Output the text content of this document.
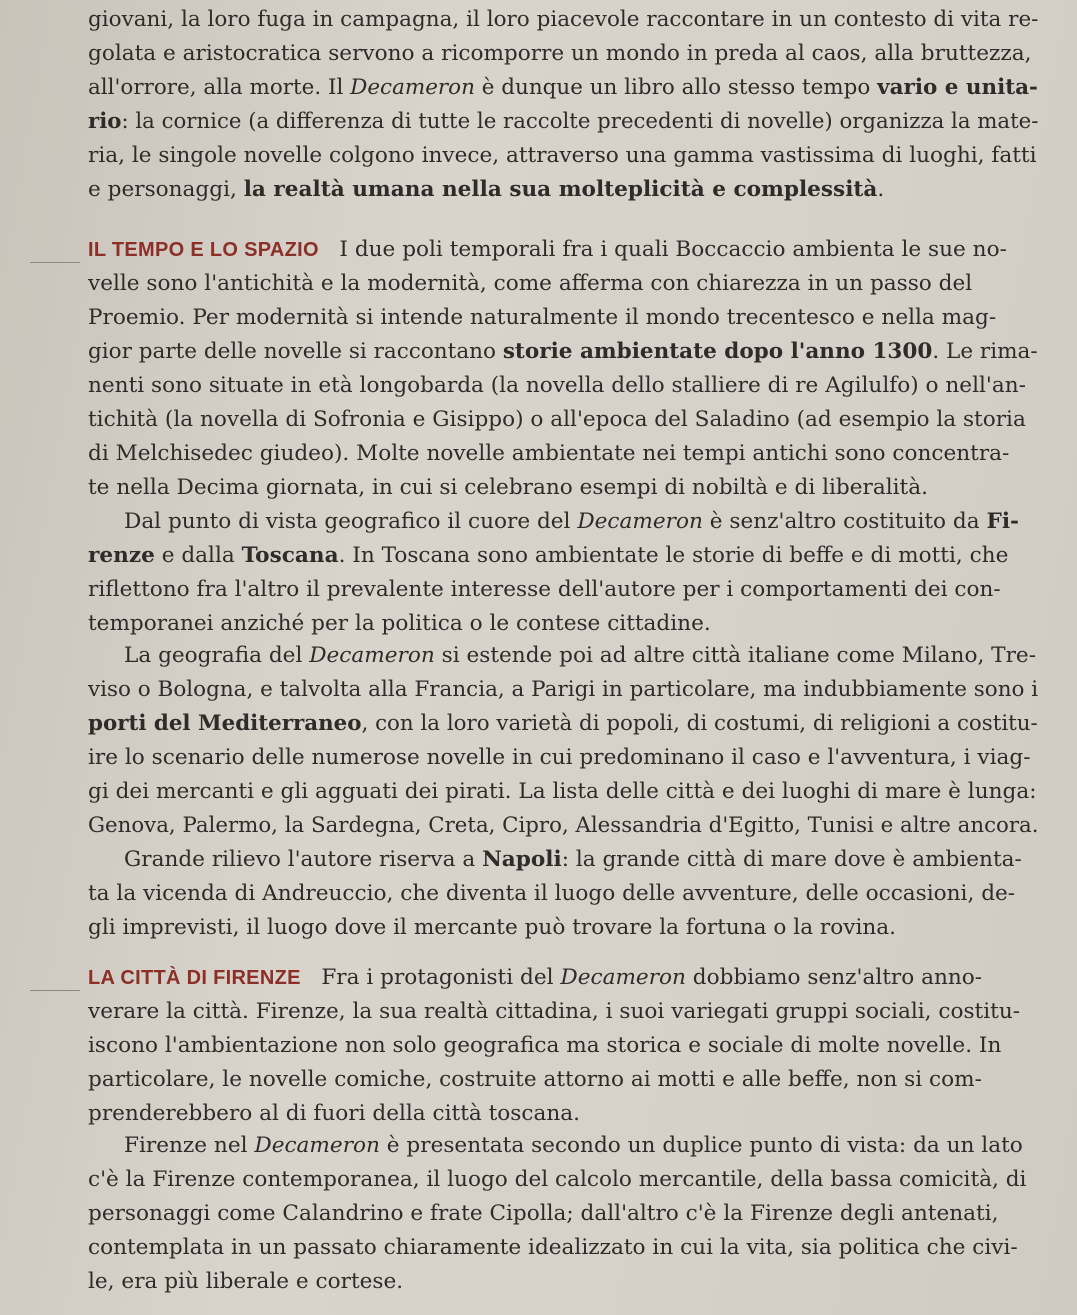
giovani, la loro fuga in campagna, il loro piacevole raccontare in un contesto di vita re-
golata e aristocratica servono a ricomporre un mondo in preda al caos, alla bruttezza,
all'orrore, alla morte. Il Decameron è dunque un libro allo stesso tempo vario e unita-
rio: la cornice (a differenza di tutte le raccolte precedenti di novelle) organizza la mate-
ria, le singole novelle colgono invece, attraverso una gamma vastissima di luoghi, fatti
e personaggi, la realtà umana nella sua molteplicità e complessità.
IL TEMPO E LO SPAZIO   I due poli temporali fra i quali Boccaccio ambienta le sue no-
velle sono l'antichità e la modernità, come afferma con chiarezza in un passo del
Proemio. Per modernità si intende naturalmente il mondo trecentesco e nella mag-
gior parte delle novelle si raccontano storie ambientate dopo l'anno 1300. Le rima-
nenti sono situate in età longobarda (la novella dello stalliere di re Agilulfo) o nell'an-
tichità (la novella di Sofronia e Gisippo) o all'epoca del Saladino (ad esempio la storia
di Melchisedec giudeo). Molte novelle ambientate nei tempi antichi sono concentra-
te nella Decima giornata, in cui si celebrano esempi di nobiltà e di liberalità.
Dal punto di vista geografico il cuore del Decameron è senz'altro costituito da Fi-
renze e dalla Toscana. In Toscana sono ambientate le storie di beffe e di motti, che
riflettono fra l'altro il prevalente interesse dell'autore per i comportamenti dei con-
temporanei anziché per la politica o le contese cittadine.
La geografia del Decameron si estende poi ad altre città italiane come Milano, Tre-
viso o Bologna, e talvolta alla Francia, a Parigi in particolare, ma indubbiamente sono i
porti del Mediterraneo, con la loro varietà di popoli, di costumi, di religioni a costitu-
ire lo scenario delle numerose novelle in cui predominano il caso e l'avventura, i viag-
gi dei mercanti e gli agguati dei pirati. La lista delle città e dei luoghi di mare è lunga:
Genova, Palermo, la Sardegna, Creta, Cipro, Alessandria d'Egitto, Tunisi e altre ancora.
Grande rilievo l'autore riserva a Napoli: la grande città di mare dove è ambienta-
ta la vicenda di Andreuccio, che diventa il luogo delle avventure, delle occasioni, de-
gli imprevisti, il luogo dove il mercante può trovare la fortuna o la rovina.
LA CITTÀ DI FIRENZE   Fra i protagonisti del Decameron dobbiamo senz'altro anno-
verare la città. Firenze, la sua realtà cittadina, i suoi variegati gruppi sociali, costitu-
iscono l'ambientazione non solo geografica ma storica e sociale di molte novelle. In
particolare, le novelle comiche, costruite attorno ai motti e alle beffe, non si com-
prenderebbero al di fuori della città toscana.
Firenze nel Decameron è presentata secondo un duplice punto di vista: da un lato
c'è la Firenze contemporanea, il luogo del calcolo mercantile, della bassa comicità, di
personaggi come Calandrino e frate Cipolla; dall'altro c'è la Firenze degli antenati,
contemplata in un passato chiaramente idealizzato in cui la vita, sia politica che civi-
le, era più liberale e cortese.
